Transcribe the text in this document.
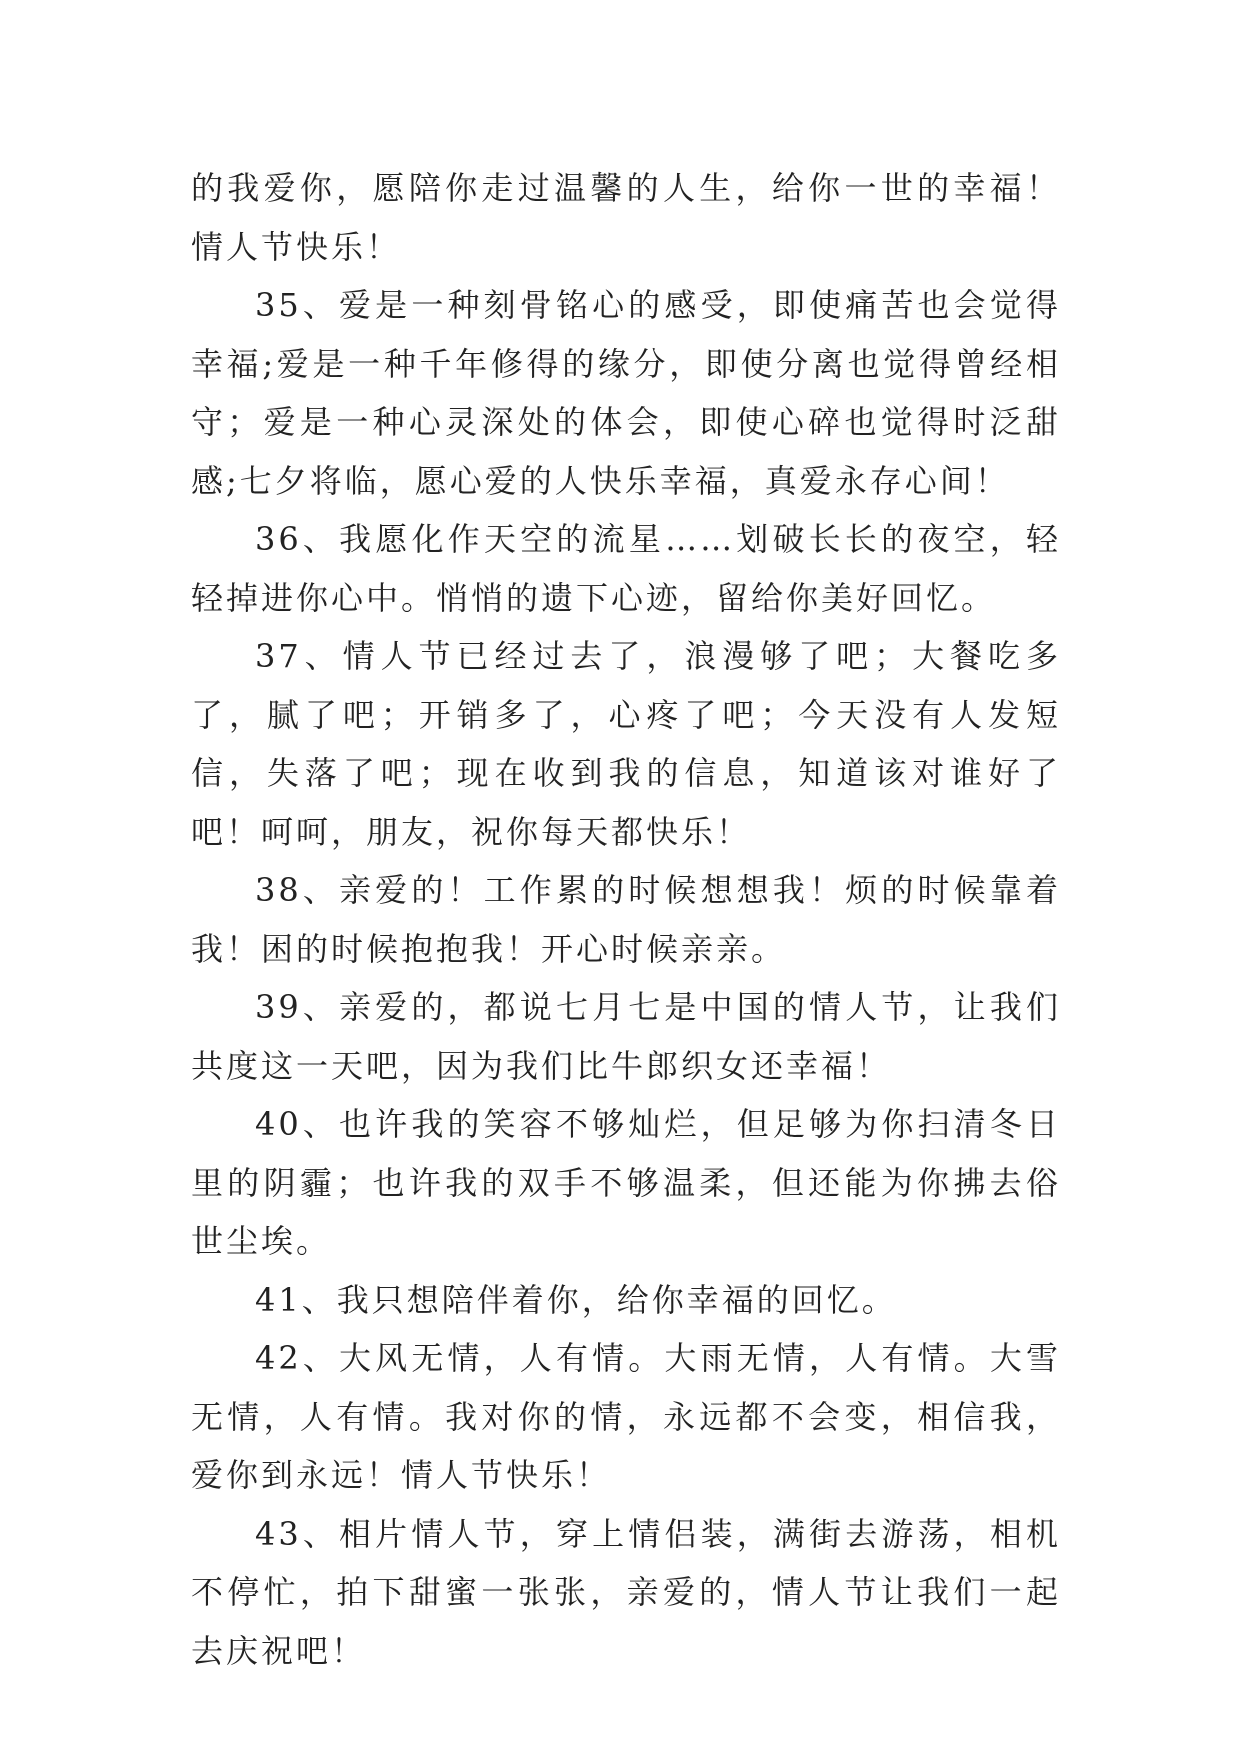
的我爱你，愿陪你走过温馨的人生，给你一世的幸福！情人节快乐！

35、爱是一种刻骨铭心的感受，即使痛苦也会觉得幸福;爱是一种千年修得的缘分，即使分离也觉得曾经相守；爱是一种心灵深处的体会，即使心碎也觉得时泛甜感;七夕将临，愿心爱的人快乐幸福，真爱永存心间！

36、我愿化作天空的流星……划破长长的夜空，轻轻掉进你心中。悄悄的遗下心迹，留给你美好回忆。

37、情人节已经过去了，浪漫够了吧；大餐吃多了，腻了吧；开销多了，心疼了吧；今天没有人发短信，失落了吧；现在收到我的信息，知道该对谁好了吧！呵呵，朋友，祝你每天都快乐！

38、亲爱的！工作累的时候想想我！烦的时候靠着我！困的时候抱抱我！开心时候亲亲。

39、亲爱的，都说七月七是中国的情人节，让我们共度这一天吧，因为我们比牛郎织女还幸福！

40、也许我的笑容不够灿烂，但足够为你扫清冬日里的阴霾；也许我的双手不够温柔，但还能为你拂去俗世尘埃。

41、我只想陪伴着你，给你幸福的回忆。

42、大风无情，人有情。大雨无情，人有情。大雪无情，人有情。我对你的情，永远都不会变，相信我，爱你到永远！情人节快乐！

43、相片情人节，穿上情侣装，满街去游荡，相机不停忙，拍下甜蜜一张张，亲爱的，情人节让我们一起去庆祝吧！
